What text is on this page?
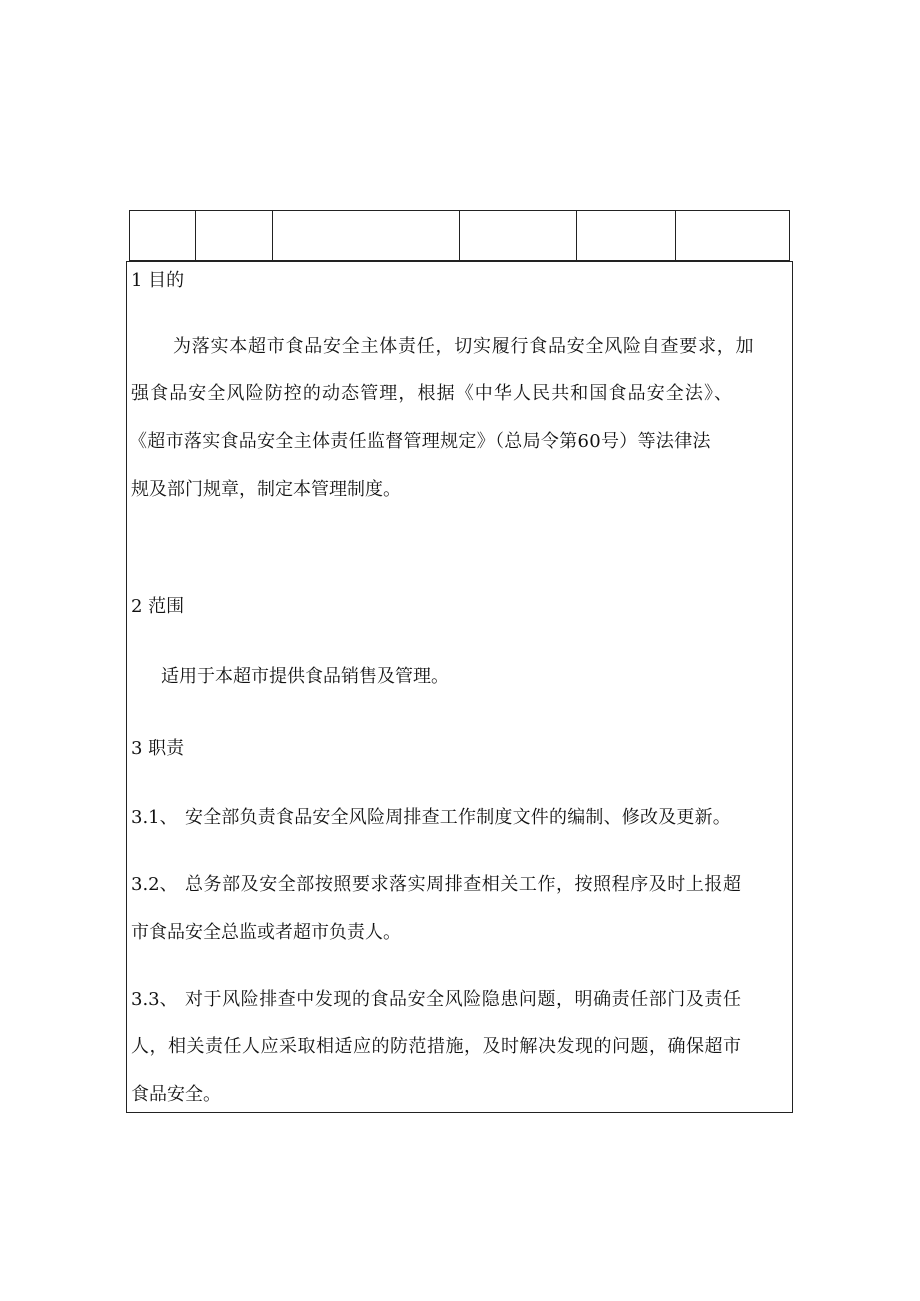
1 目的
为落实本超市食品安全主体责任，切实履行食品安全风险自查要求，加
强食品安全风险防控的动态管理，根据《中华人民共和国食品安全法》、
《超市落实食品安全主体责任监督管理规定》（总局令第60号）等法律法
规及部门规章，制定本管理制度。
2 范围
适用于本超市提供食品销售及管理。
3 职责
3.1、 安全部负责食品安全风险周排查工作制度文件的编制、修改及更新。
3.2、 总务部及安全部按照要求落实周排查相关工作，按照程序及时上报超
市食品安全总监或者超市负责人。
3.3、 对于风险排查中发现的食品安全风险隐患问题，明确责任部门及责任
人，相关责任人应采取相适应的防范措施，及时解决发现的问题，确保超市
食品安全。
